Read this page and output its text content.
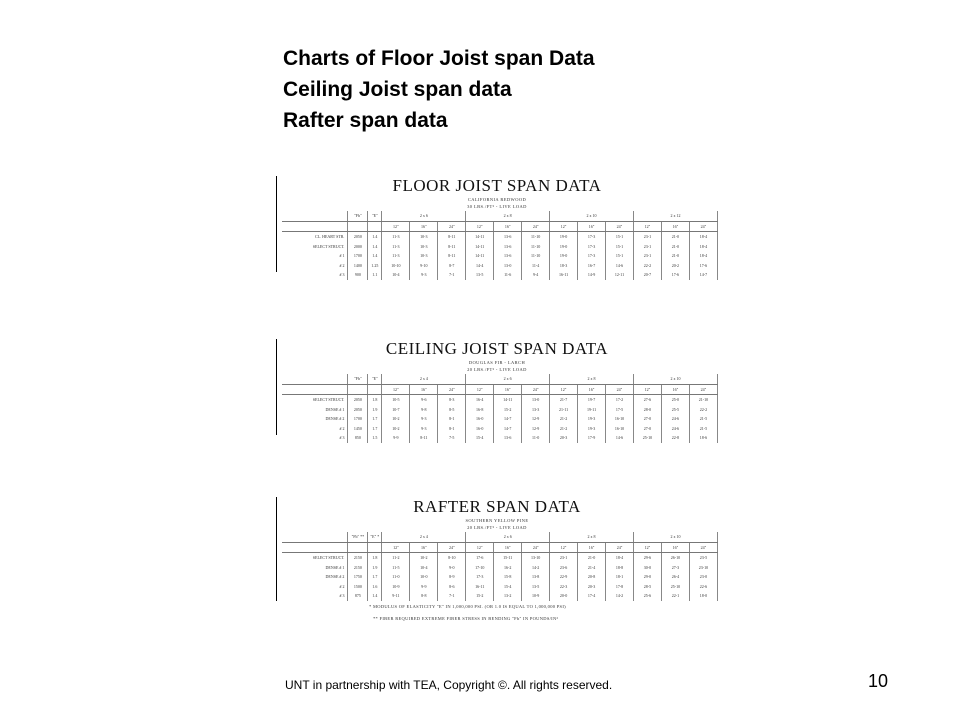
Charts of Floor Joist span Data
Ceiling Joist span data
Rafter span data
FLOOR JOIST SPAN DATA
CALIFORNIA REDWOOD
30 LBS./FT² - LIVE LOAD
	"Fb"	"E"	2 x 6			2 x 8			2 x 10			2 x 12		
			12"	16"	24"	12"	16"	24"	12"	16"	24"	12"	16"	24"
CL. HEART STR.	2050	1.4	11-3	10-3	8-11	14-11	13-6	11-10	19-0	17-3	15-1	23-1	21-0	18-4
SELECT STRUCT.	2000	1.4	11-3	10-3	8-11	14-11	13-6	11-10	19-0	17-3	15-1	23-1	21-0	18-4
# 1	1700	1.4	11-3	10-3	8-11	14-11	13-6	11-10	19-0	17-3	15-1	23-1	21-0	18-4
# 2	1400	1.25	10-10	9-10	8-7	14-4	13-0	11-4	18-3	16-7	14-6	22-2	20-2	17-6
# 3	900	1.1	10-4	9-3	7-1	13-5	11-6	9-4	16-11	14-9	12-11	20-7	17-6	14-7
CEILING JOIST SPAN DATA
DOUGLAS FIR - LARCH
20 LBS./FT² - LIVE LOAD
	"Fb"	"E"	2 x 4			2 x 6			2 x 8			2 x 10		
			12"	16"	24"	12"	16"	24"	12"	16"	24"	12"	16"	24"
SELECT STRUCT.	2050	1.8	10-5	9-6	8-3	16-4	14-11	13-0	21-7	19-7	17-2	27-6	25-0	21-10
DENSE # 1	2050	1.9	10-7	9-8	8-5	16-8	15-2	13-3	21-11	19-11	17-5	28-0	25-5	22-2
DENSE # 2	1700	1.7	10-2	9-3	8-1	16-0	14-7	12-9	21-2	19-3	16-10	27-0	24-6	21-5
# 2	1450	1.7	10-2	9-3	8-1	16-0	14-7	12-9	21-2	19-3	16-10	27-0	24-6	21-5
# 3	850	1.5	9-9	8-11	7-5	15-4	13-6	11-0	20-3	17-9	14-6	25-10	22-8	18-6
RAFTER SPAN DATA
SOUTHERN YELLOW PINE
20 LBS./FT² - LIVE LOAD
	"Fb" **	"E" *	2 x 4			2 x 6			2 x 8			2 x 10		
			12"	16"	24"	12"	16"	24"	12"	16"	24"	12"	16"	24"
SELECT STRUCT.	2150	1.8	11-2	10-2	8-10	17-6	15-11	13-10	23-1	21-0	18-4	29-6	26-10	23-5
DENSE # 1	2150	1.9	11-5	10-4	9-0	17-10	16-2	14-2	23-6	21-4	18-8	30-0	27-3	23-10
DENSE # 2	1750	1.7	11-0	10-0	8-9	17-3	15-8	13-8	22-9	20-8	18-1	29-0	26-4	23-0
# 2	1500	1.6	10-9	9-9	8-6	16-11	15-4	13-5	22-3	20-3	17-8	28-5	25-10	22-6
# 3	875	1.4	9-11	8-8	7-1	15-2	13-2	10-9	20-0	17-4	14-2	25-6	22-1	18-0
* MODULUS OF ELASTICITY "E" IN 1,000,000 PSI. (OR 1.0 IS EQUAL TO 1,000,000 PSI)
** FIBER REQUIRED EXTREME FIBER STRESS IN BENDING "Fb" IN POUNDS/IN²
UNT in partnership with TEA, Copyright ©. All rights reserved.	10
